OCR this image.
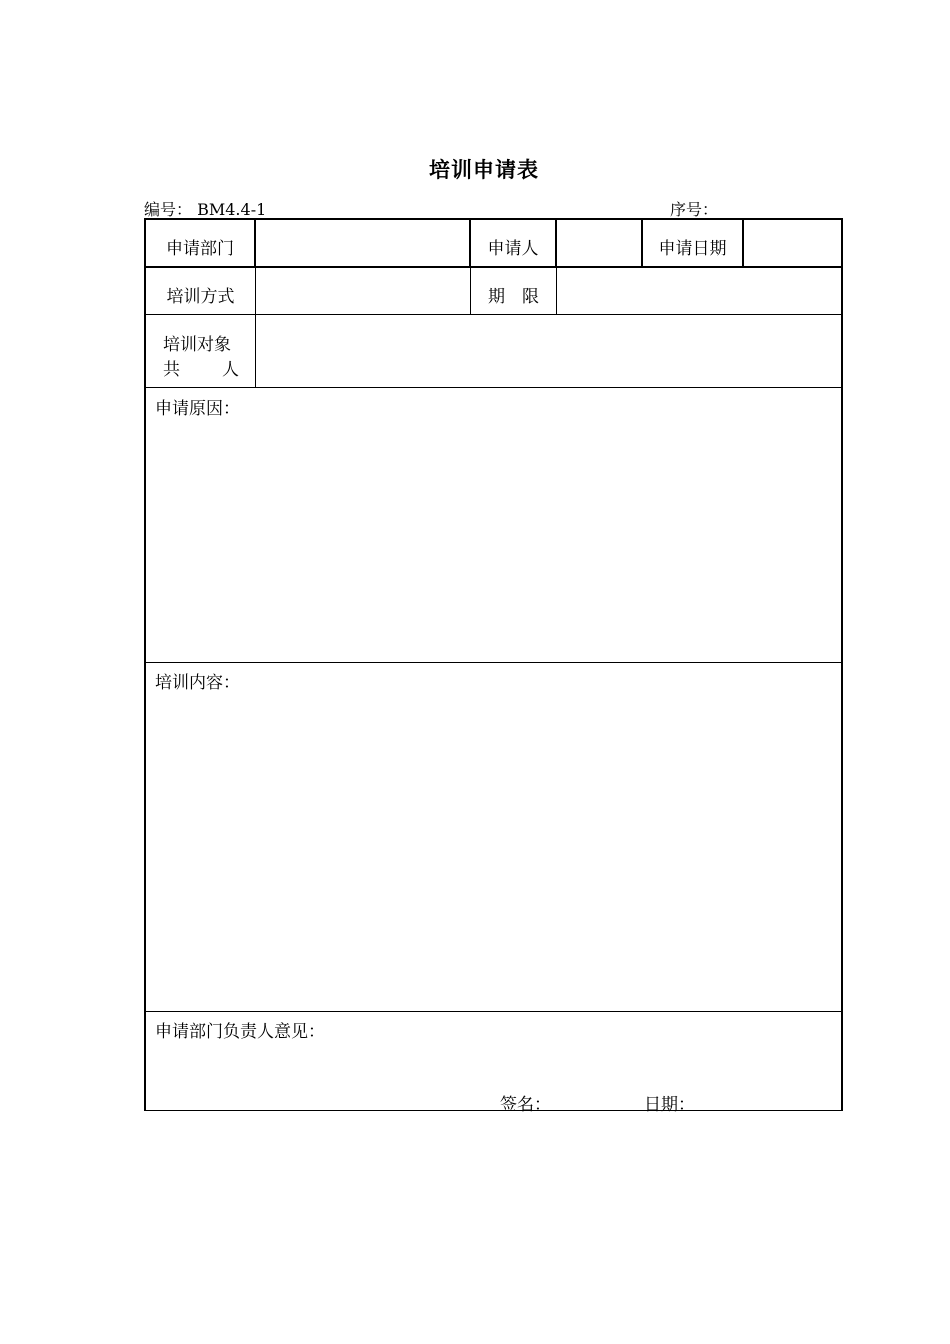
培训申请表
编号： BM4.4-1	序号：
申请部门	申请人	申请日期
培训方式	期　限
培训对象
共 人
申请原因：
培训内容：
申请部门负责人意见：
签名：	日期：
